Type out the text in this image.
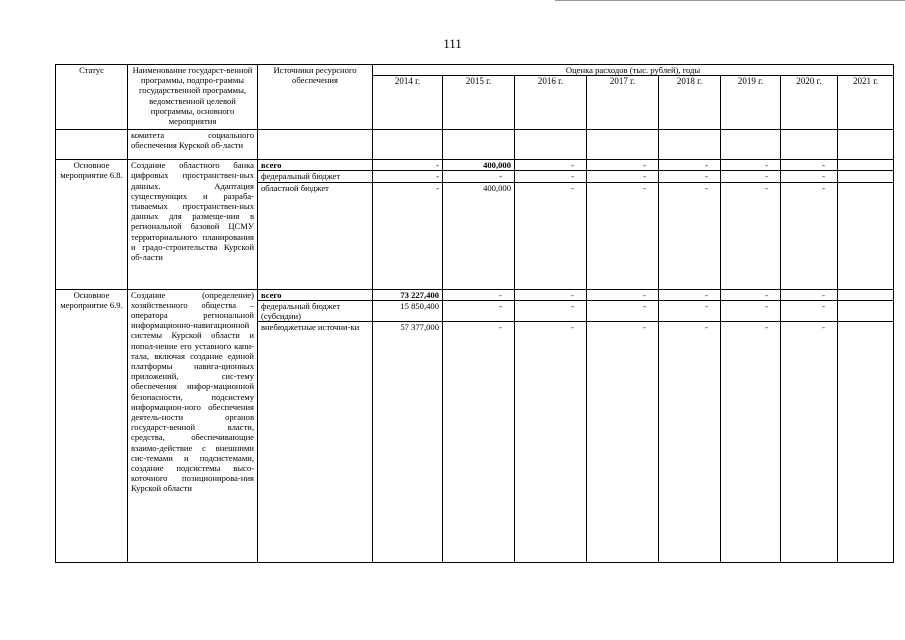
111
Статус	Наименование государст-венной программы, подпро-граммы государственной программы, ведомственной целевой программы, основного мероприятия	Источники ресурсного обеспечения	Оценка расходов (тыс. рублей), годы							
			2014 г.	2015 г.	2016 г.	2017 г.	2018 г.	2019 г.	2020 г.	2021 г.
	комитета социального обеспечения Курской об-ласти									
Основное мероприятие 6.8.	Создание областного банка цифровых пространствен-ных данных. Адаптация существующих и разраба-тываемых пространствен-ных данных для размеще-ния в региональной базовой ЦСМУ территориального планирования и градо-строительства Курской об-ласти	всего	-	400,000	-	-	-	-	-	
		федеральный бюджет	-	-	-	-	-	-	-	
		областной бюджет	-	400,000	-	-	-	-	-	
Основное мероприятие 6.9.	Создание (определение) хозяйственного общества – оператора региональной информационно-навигационной системы Курской области и попол-нение его уставного капи-тала, включая создание единой платформы навига-ционных приложений, сис-тему обеспечения инфор-мационной безопасности, подсистему информацион-ного обеспечения деятель-ности органов государст-венной власти, средства, обеспечивающие взаимо-действие с внешними сис-темами и подсистемами, создание подсистемы высо-коточного позиционирова-ния Курской области	всего	73 227,400	-	-	-	-	-	-	
		федеральный бюджет (субсидии)	15 850,400	-	-	-	-	-	-	
		внебюджетные источни-ки	57 377,000	-	-	-	-	-	-	
